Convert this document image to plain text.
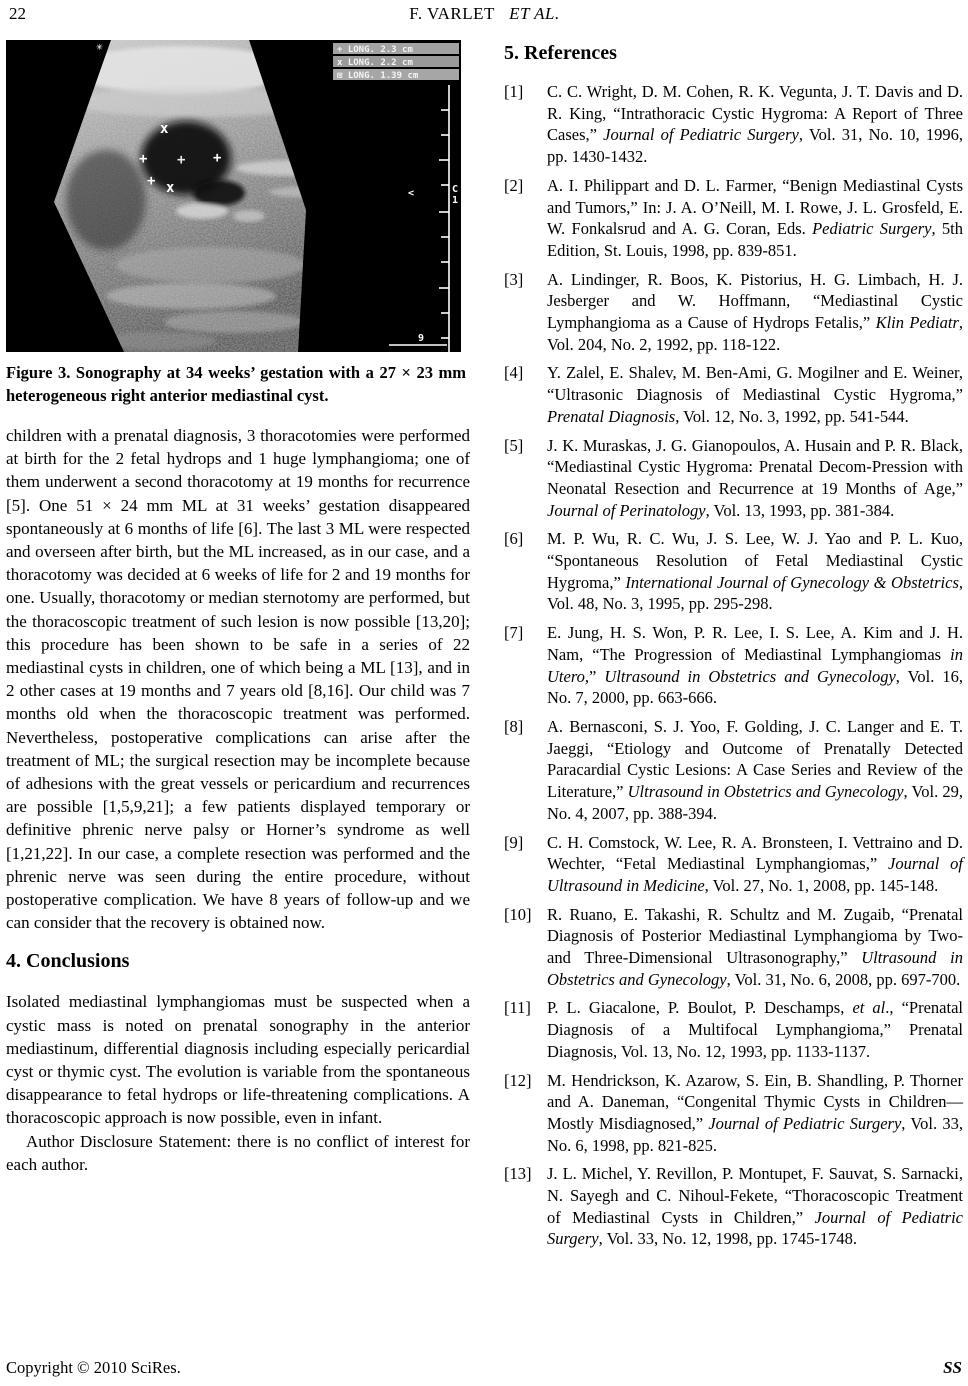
22	F. VARLET ET AL.
✳
x
+ + +
+ x
+ LONG. 2.3 cm
x LONG. 2.2 cm
⊠ LONG. 1.39 cm
<	C
1
9
Figure 3. Sonography at 34 weeks’ gestation with a 27 × 23 mm heterogeneous right anterior mediastinal cyst.

children with a prenatal diagnosis, 3 thoracotomies were performed at birth for the 2 fetal hydrops and 1 huge lymphangioma; one of them underwent a second thoracotomy at 19 months for recurrence [5]. One 51 × 24 mm ML at 31 weeks’ gestation disappeared spontaneously at 6 months of life [6]. The last 3 ML were respected and overseen after birth, but the ML increased, as in our case, and a thoracotomy was decided at 6 weeks of life for 2 and 19 months for one. Usually, thoracotomy or median sternotomy are performed, but the thoracoscopic treatment of such lesion is now possible [13,20]; this procedure has been shown to be safe in a series of 22 mediastinal cysts in children, one of which being a ML [13], and in 2 other cases at 19 months and 7 years old [8,16]. Our child was 7 months old when the thoracoscopic treatment was performed. Nevertheless, postoperative complications can arise after the treatment of ML; the surgical resection may be incomplete because of adhesions with the great vessels or pericardium and recurrences are possible [1,5,9,21]; a few patients displayed temporary or definitive phrenic nerve palsy or Horner’s syndrome as well [1,21,22]. In our case, a complete resection was performed and the phrenic nerve was seen during the entire procedure, without postoperative complication. We have 8 years of follow-up and we can consider that the recovery is obtained now.

4. Conclusions

Isolated mediastinal lymphangiomas must be suspected when a cystic mass is noted on prenatal sonography in the anterior mediastinum, differential diagnosis including especially pericardial cyst or thymic cyst. The evolution is variable from the spontaneous disappearance to fetal hydrops or life-threatening complications. A thoracoscopic approach is now possible, even in infant.

Author Disclosure Statement: there is no conflict of interest for each author.

5. References
[1] C. C. Wright, D. M. Cohen, R. K. Vegunta, J. T. Davis and D. R. King, “Intrathoracic Cystic Hygroma: A Report of Three Cases,” Journal of Pediatric Surgery, Vol. 31, No. 10, 1996, pp. 1430-1432.
[2] A. I. Philippart and D. L. Farmer, “Benign Mediastinal Cysts and Tumors,” In: J. A. O’Neill, M. I. Rowe, J. L. Grosfeld, E. W. Fonkalsrud and A. G. Coran, Eds. Pediatric Surgery, 5th Edition, St. Louis, 1998, pp. 839-851.
[3] A. Lindinger, R. Boos, K. Pistorius, H. G. Limbach, H. J. Jesberger and W. Hoffmann, “Mediastinal Cystic Lymphangioma as a Cause of Hydrops Fetalis,” Klin Pediatr, Vol. 204, No. 2, 1992, pp. 118-122.
[4] Y. Zalel, E. Shalev, M. Ben-Ami, G. Mogilner and E. Weiner, “Ultrasonic Diagnosis of Mediastinal Cystic Hygroma,” Prenatal Diagnosis, Vol. 12, No. 3, 1992, pp. 541-544.
[5] J. K. Muraskas, J. G. Gianopoulos, A. Husain and P. R. Black, “Mediastinal Cystic Hygroma: Prenatal Decom-Pression with Neonatal Resection and Recurrence at 19 Months of Age,” Journal of Perinatology, Vol. 13, 1993, pp. 381-384.
[6] M. P. Wu, R. C. Wu, J. S. Lee, W. J. Yao and P. L. Kuo, “Spontaneous Resolution of Fetal Mediastinal Cystic Hygroma,” International Journal of Gynecology & Obstetrics, Vol. 48, No. 3, 1995, pp. 295-298.
[7] E. Jung, H. S. Won, P. R. Lee, I. S. Lee, A. Kim and J. H. Nam, “The Progression of Mediastinal Lymphangiomas in Utero,” Ultrasound in Obstetrics and Gynecology, Vol. 16, No. 7, 2000, pp. 663-666.
[8] A. Bernasconi, S. J. Yoo, F. Golding, J. C. Langer and E. T. Jaeggi, “Etiology and Outcome of Prenatally Detected Paracardial Cystic Lesions: A Case Series and Review of the Literature,” Ultrasound in Obstetrics and Gynecology, Vol. 29, No. 4, 2007, pp. 388-394.
[9] C. H. Comstock, W. Lee, R. A. Bronsteen, I. Vettraino and D. Wechter, “Fetal Mediastinal Lymphangiomas,” Journal of Ultrasound in Medicine, Vol. 27, No. 1, 2008, pp. 145-148.
[10] R. Ruano, E. Takashi, R. Schultz and M. Zugaib, “Prenatal Diagnosis of Posterior Mediastinal Lymphangioma by Two- and Three-Dimensional Ultrasonography,” Ultrasound in Obstetrics and Gynecology, Vol. 31, No. 6, 2008, pp. 697-700.
[11] P. L. Giacalone, P. Boulot, P. Deschamps, et al., “Prenatal Diagnosis of a Multifocal Lymphangioma,” Prenatal Diagnosis, Vol. 13, No. 12, 1993, pp. 1133-1137.
[12] M. Hendrickson, K. Azarow, S. Ein, B. Shandling, P. Thorner and A. Daneman, “Congenital Thymic Cysts in Children—Mostly Misdiagnosed,” Journal of Pediatric Surgery, Vol. 33, No. 6, 1998, pp. 821-825.
[13] J. L. Michel, Y. Revillon, P. Montupet, F. Sauvat, S. Sarnacki, N. Sayegh and C. Nihoul-Fekete, “Thoracoscopic Treatment of Mediastinal Cysts in Children,” Journal of Pediatric Surgery, Vol. 33, No. 12, 1998, pp. 1745-1748.
Copyright © 2010 SciRes.	SS
